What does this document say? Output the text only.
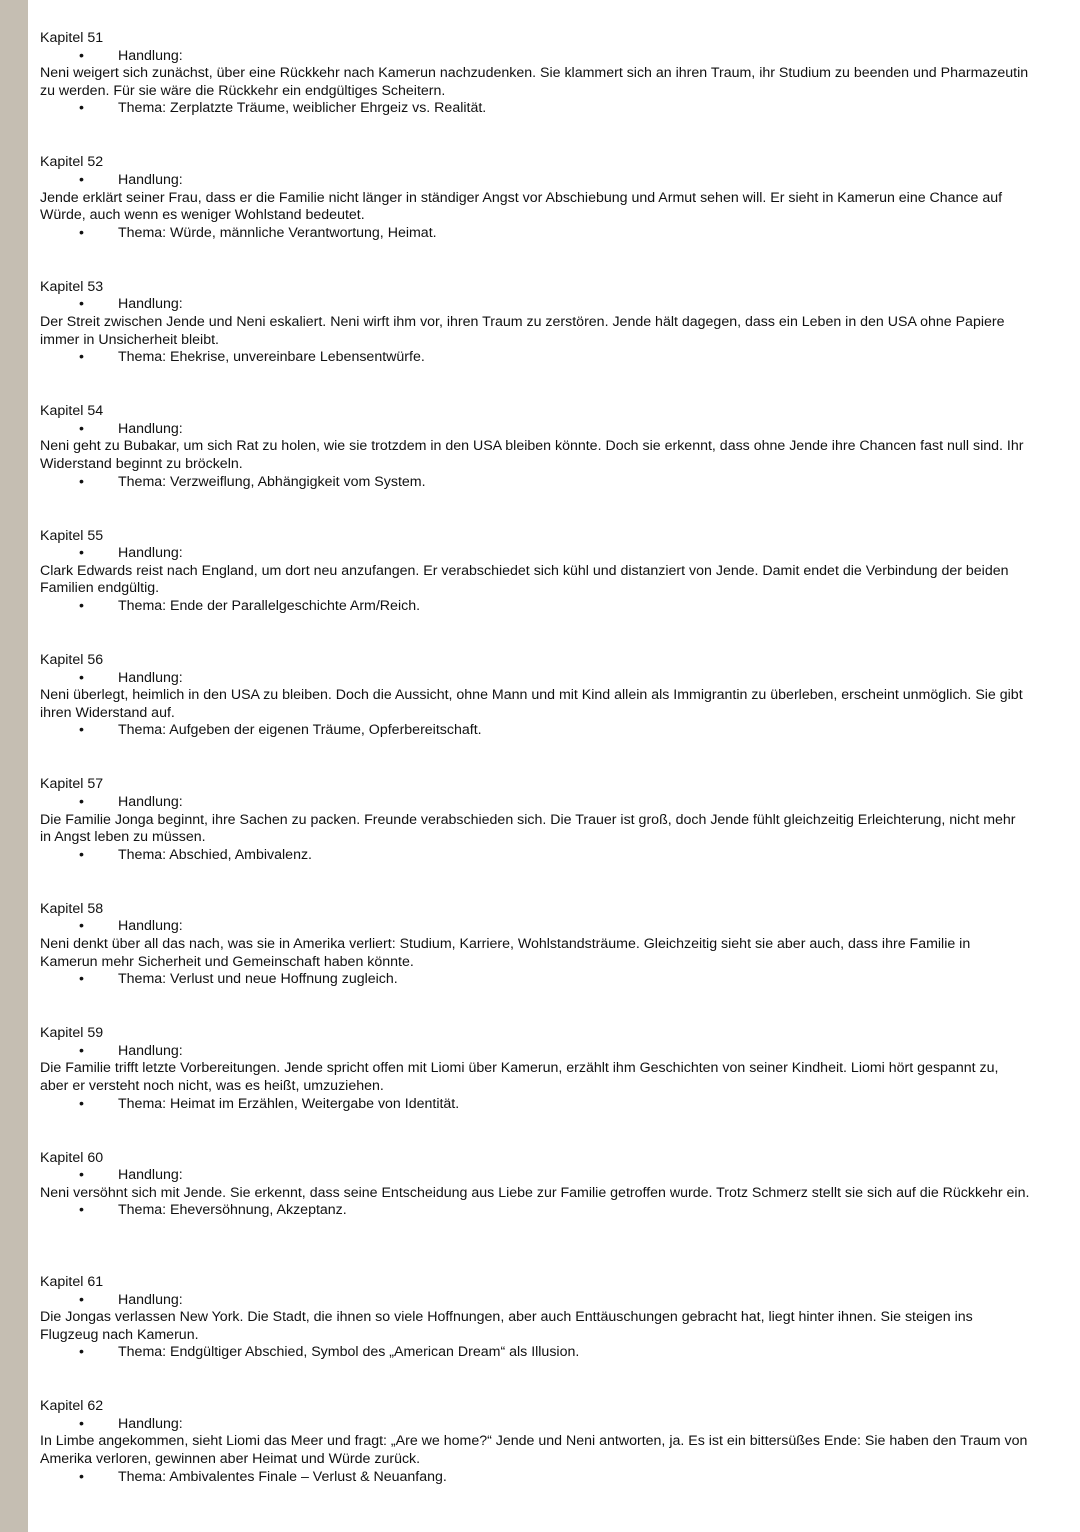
Kapitel 51
• Handlung:
Neni weigert sich zunächst, über eine Rückkehr nach Kamerun nachzudenken. Sie klammert sich an ihren Traum, ihr Studium zu beenden und Pharmazeutin zu werden. Für sie wäre die Rückkehr ein endgültiges Scheitern.
• Thema: Zerplatzte Träume, weiblicher Ehrgeiz vs. Realität.
Kapitel 52
• Handlung:
Jende erklärt seiner Frau, dass er die Familie nicht länger in ständiger Angst vor Abschiebung und Armut sehen will. Er sieht in Kamerun eine Chance auf Würde, auch wenn es weniger Wohlstand bedeutet.
• Thema: Würde, männliche Verantwortung, Heimat.
Kapitel 53
• Handlung:
Der Streit zwischen Jende und Neni eskaliert. Neni wirft ihm vor, ihren Traum zu zerstören. Jende hält dagegen, dass ein Leben in den USA ohne Papiere immer in Unsicherheit bleibt.
• Thema: Ehekrise, unvereinbare Lebensentwürfe.
Kapitel 54
• Handlung:
Neni geht zu Bubakar, um sich Rat zu holen, wie sie trotzdem in den USA bleiben könnte. Doch sie erkennt, dass ohne Jende ihre Chancen fast null sind. Ihr Widerstand beginnt zu bröckeln.
• Thema: Verzweiflung, Abhängigkeit vom System.
Kapitel 55
• Handlung:
Clark Edwards reist nach England, um dort neu anzufangen. Er verabschiedet sich kühl und distanziert von Jende. Damit endet die Verbindung der beiden Familien endgültig.
• Thema: Ende der Parallelgeschichte Arm/Reich.
Kapitel 56
• Handlung:
Neni überlegt, heimlich in den USA zu bleiben. Doch die Aussicht, ohne Mann und mit Kind allein als Immigrantin zu überleben, erscheint unmöglich. Sie gibt ihren Widerstand auf.
• Thema: Aufgeben der eigenen Träume, Opferbereitschaft.
Kapitel 57
• Handlung:
Die Familie Jonga beginnt, ihre Sachen zu packen. Freunde verabschieden sich. Die Trauer ist groß, doch Jende fühlt gleichzeitig Erleichterung, nicht mehr in Angst leben zu müssen.
• Thema: Abschied, Ambivalenz.
Kapitel 58
• Handlung:
Neni denkt über all das nach, was sie in Amerika verliert: Studium, Karriere, Wohlstandsträume. Gleichzeitig sieht sie aber auch, dass ihre Familie in Kamerun mehr Sicherheit und Gemeinschaft haben könnte.
• Thema: Verlust und neue Hoffnung zugleich.
Kapitel 59
• Handlung:
Die Familie trifft letzte Vorbereitungen. Jende spricht offen mit Liomi über Kamerun, erzählt ihm Geschichten von seiner Kindheit. Liomi hört gespannt zu, aber er versteht noch nicht, was es heißt, umzuziehen.
• Thema: Heimat im Erzählen, Weitergabe von Identität.
Kapitel 60
• Handlung:
Neni versöhnt sich mit Jende. Sie erkennt, dass seine Entscheidung aus Liebe zur Familie getroffen wurde. Trotz Schmerz stellt sie sich auf die Rückkehr ein.
• Thema: Eheversöhnung, Akzeptanz.
Kapitel 61
• Handlung:
Die Jongas verlassen New York. Die Stadt, die ihnen so viele Hoffnungen, aber auch Enttäuschungen gebracht hat, liegt hinter ihnen. Sie steigen ins Flugzeug nach Kamerun.
• Thema: Endgültiger Abschied, Symbol des „American Dream“ als Illusion.
Kapitel 62
• Handlung:
In Limbe angekommen, sieht Liomi das Meer und fragt: „Are we home?“ Jende und Neni antworten, ja. Es ist ein bittersüßes Ende: Sie haben den Traum von Amerika verloren, gewinnen aber Heimat und Würde zurück.
• Thema: Ambivalentes Finale – Verlust & Neuanfang.
